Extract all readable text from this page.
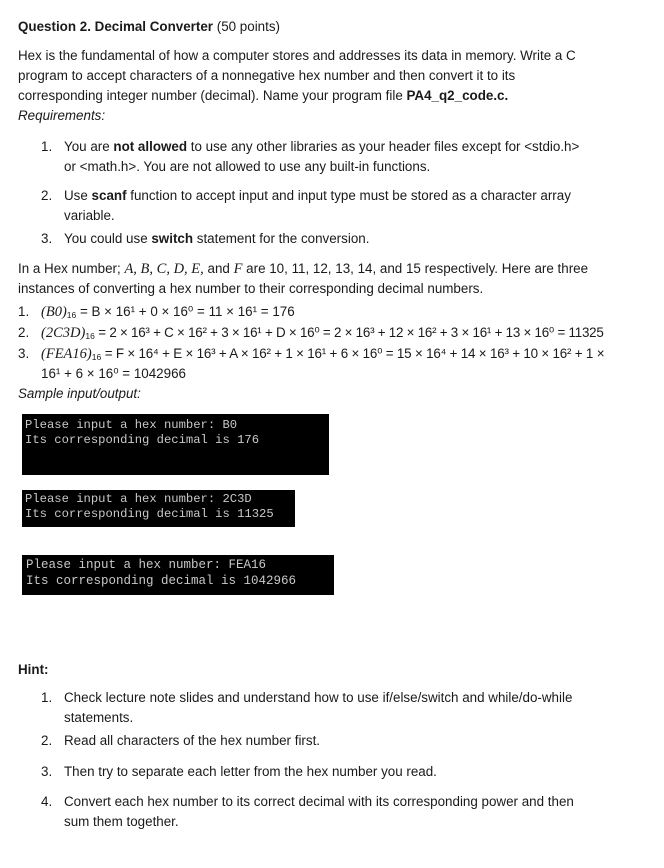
Question 2. Decimal Converter (50 points)
Hex is the fundamental of how a computer stores and addresses its data in memory. Write a C
program to accept characters of a nonnegative hex number and then convert it to its
corresponding integer number (decimal). Name your program file PA4_q2_code.c.
Requirements:
1. You are not allowed to use any other libraries as your header files except for <stdio.h>
or <math.h>. You are not allowed to use any built-in functions.
2. Use scanf function to accept input and input type must be stored as a character array
variable.
3. You could use switch statement for the conversion.
In a Hex number; A, B, C, D, E, and F are 10, 11, 12, 13, 14, and 15 respectively. Here are three
instances of converting a hex number to their corresponding decimal numbers.
1. $(B0)_{16} = B \times 16^1 + 0 \times 16^0 = 11 \times 16^1 = 176$
2. $(2C3D)_{16} = 2 \times 16^3 + C \times 16^2 + 3 \times 16^1 + D \times 16^0 = 2 \times 16^3 + 12 \times 16^2 + 3 \times 16^1 + 13 \times 16^0 = 11325$
3. $(FEA16)_{16} = F \times 16^4 + E \times 16^3 + A \times 16^2 + 1 \times 16^1 + 6 \times 16^0 = 15 \times 16^4 + 14 \times 16^3 + 10 \times 16^2 + 1$ ×
16¹ + 6 × 16⁰ = 1042966
Sample input/output:
Please input a hex number: B0
Its corresponding decimal is 176
Please input a hex number: 2C3D
Its corresponding decimal is 11325
Please input a hex number: FEA16
Its corresponding decimal is 1042966
Hint:
1. Check lecture note slides and understand how to use if/else/switch and while/do-while
statements.
2. Read all characters of the hex number first.
3. Then try to separate each letter from the hex number you read.
4. Convert each hex number to its correct decimal with its corresponding power and then
sum them together.
